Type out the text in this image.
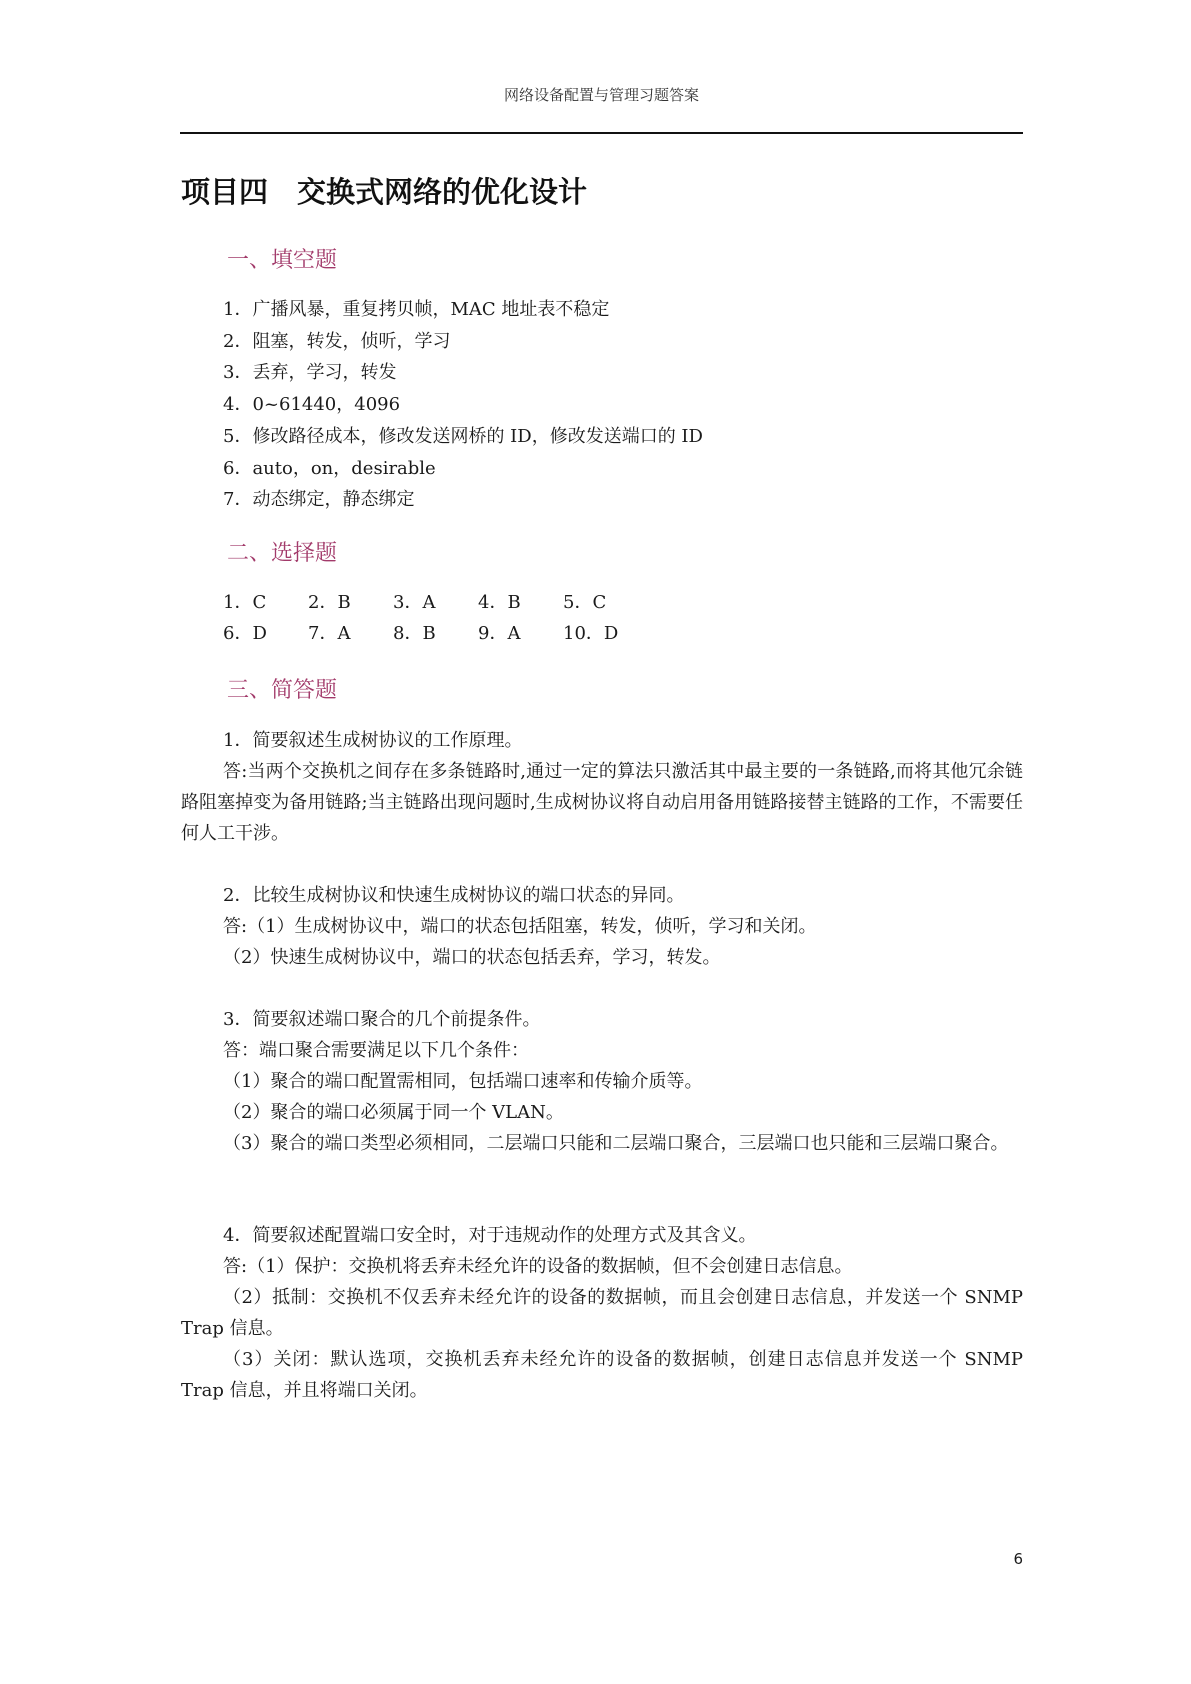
网络设备配置与管理习题答案
项目四　交换式网络的优化设计
一、填空题
1．广播风暴，重复拷贝帧，MAC 地址表不稳定
2．阻塞，转发，侦听，学习
3．丢弃，学习，转发
4．0~61440，4096
5．修改路径成本，修改发送网桥的 ID，修改发送端口的 ID
6．auto，on，desirable
7．动态绑定，静态绑定
二、选择题
1．C	2．B	3．A	4．B	5．C
6．D	7．A	8．B	9．A	10．D
三、简答题

1．简要叙述生成树协议的工作原理。

答:当两个交换机之间存在多条链路时,通过一定的算法只激活其中最主要的一条链路,而将其他冗余链路阻塞掉变为备用链路;当主链路出现问题时,生成树协议将自动启用备用链路接替主链路的工作，不需要任何人工干涉。

2．比较生成树协议和快速生成树协议的端口状态的异同。

答:（1）生成树协议中，端口的状态包括阻塞，转发，侦听，学习和关闭。

（2）快速生成树协议中，端口的状态包括丢弃，学习，转发。

3．简要叙述端口聚合的几个前提条件。

答：端口聚合需要满足以下几个条件：

（1）聚合的端口配置需相同，包括端口速率和传输介质等。

（2）聚合的端口必须属于同一个 VLAN。

（3）聚合的端口类型必须相同，二层端口只能和二层端口聚合，三层端口也只能和三层端口聚合。

4．简要叙述配置端口安全时，对于违规动作的处理方式及其含义。

答:（1）保护：交换机将丢弃未经允许的设备的数据帧，但不会创建日志信息。

（2）抵制：交换机不仅丢弃未经允许的设备的数据帧，而且会创建日志信息，并发送一个 SNMP Trap 信息。

（3）关闭：默认选项，交换机丢弃未经允许的设备的数据帧，创建日志信息并发送一个 SNMP Trap 信息，并且将端口关闭。

6
